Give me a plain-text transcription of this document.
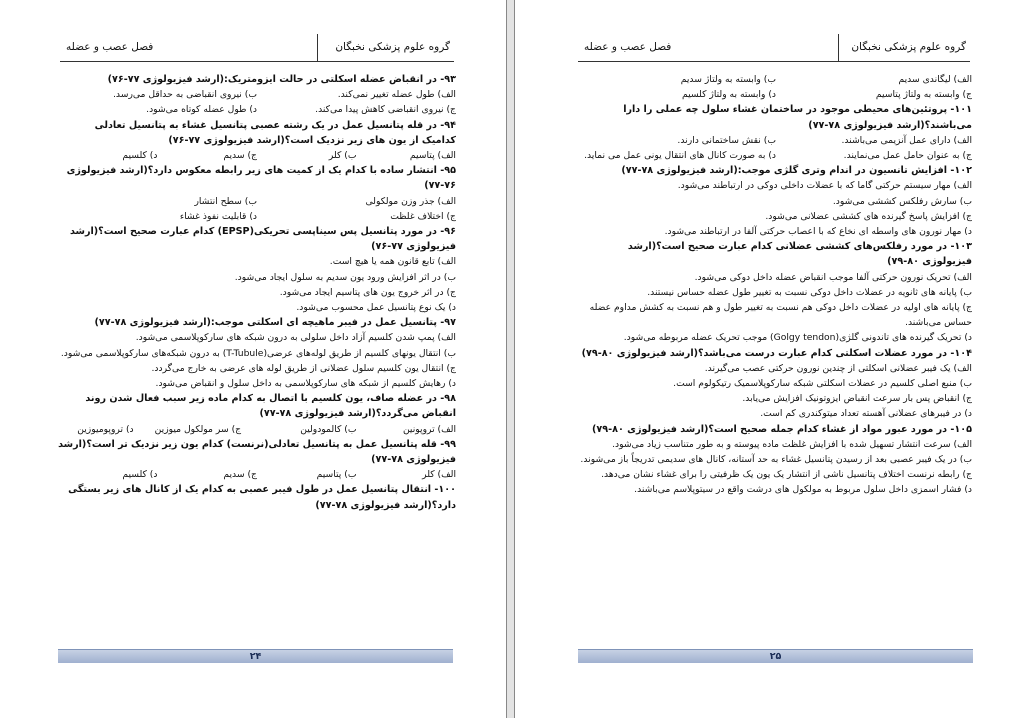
گروه علوم پزشکی نخبگان
فصل عصب و عضله
۹۳- در انقباض عضله اسکلتی در حالت ایزومتریک:(ارشد فیزیولوژی ۷۷-۷۶)
الف) طول عضله تغییر نمی‌کند.
ب) نیروی انقباضی به حداقل می‌رسد.
ج) نیروی انقباضی کاهش پیدا می‌کند.
د) طول عضله کوتاه می‌شود.
۹۴- در قله پتانسیل عمل در یک رشته عصبی پتانسیل غشاء به پتانسیل تعادلی کدامیک از یون های زیر نزدیک است؟(ارشد فیزیولوژی ۷۷-۷۶)
الف) پتاسیم
ب) کلر
ج) سدیم
د) کلسیم
۹۵- انتشار ساده با کدام یک از کمیت های زیر رابطه معکوس دارد؟(ارشد فیزیولوژی ۷۶-۷۷)
الف) جذر وزن مولکولی
ب) سطح انتشار
ج) اختلاف غلظت
د) قابلیت نفوذ غشاء
۹۶- در مورد پتانسیل پس سیناپسی تحریکی(EPSP) کدام عبارت صحیح است؟(ارشد فیزیولوژی ۷۷-۷۶)
الف) تابع قانون همه یا هیچ است.
ب) در اثر افزایش ورود یون سدیم به سلول ایجاد می‌شود.
ج) در اثر خروج یون های پتاسیم ایجاد می‌شود.
د) یک نوع پتانسیل عمل محسوب می‌شود.
۹۷- پتانسیل عمل در فیبر ماهیچه ای اسکلتی موجب:(ارشد فیزیولوژی ۷۸-۷۷)
الف) پمپ شدن کلسیم آزاد داخل سلولی به درون شبکه های سارکوپلاسمی می‌شود.
ب) انتقال یونهای کلسیم از طریق لوله‌های عرضی(T-Tubule) به درون شبکه‌های سارکوپلاسمی می‌شود.
ج) انتقال یون کلسیم سلول عضلانی از طریق لوله های عرضی به خارج می‌گردد.
د) رهایش کلسیم از شبکه های سارکوپلاسمی به داخل سلول و انقباض می‌شود.
۹۸- در عضله صاف، یون کلسیم با اتصال به کدام ماده زیر سبب فعال شدن روند انقباض می‌گردد؟(ارشد فیزیولوژی ۷۸-۷۷)
الف) تروپونین
ب) کالمودولین
ج) سر مولکول میوزین
د) تروپومیوزین
۹۹- قله پتانسیل عمل به پتانسیل تعادلی(نرنست) کدام یون زیر نزدیک تر است؟(ارشد فیزیولوژی ۷۸-۷۷)
الف) کلر
ب) پتاسیم
ج) سدیم
د) کلسیم
۱۰۰- انتقال پتانسیل عمل در طول فیبر عصبی به کدام یک از کانال های زیر بستگی دارد؟(ارشد فیزیولوژی ۷۸-۷۷)
۲۴
گروه علوم پزشکی نخبگان
فصل عصب و عضله
الف) لیگاندی سدیم
ب) وابسته به ولتاژ سدیم
ج) وابسته به ولتاژ پتاسیم
د) وابسته به ولتاژ کلسیم
۱۰۱- پروتئین‌های محیطی موجود در ساختمان غشاء سلول چه عملی را دارا می‌باشند؟(ارشد فیزیولوژی ۷۸-۷۷)
الف) دارای عمل آنزیمی می‌باشند.
ب) نقش ساختمانی دارند.
ج) به عنوان حامل عمل می‌نمایند.
د) به صورت کانال های انتقال یونی عمل می نماید.
۱۰۲- افزایش تانسیون در اندام وتری گلژی موجب:(ارشد فیزیولوژی ۷۸-۷۷)
الف) مهار سیستم حرکتی گاما که با عضلات داخلی دوکی در ارتباطند می‌شود.
ب) سارش رفلکس کششی می‌شود.
ج) افزایش پاسخ گیرنده های کششی عضلانی می‌شود.
د) مهار نورون های واسطه ای نخاع که با اعصاب حرکتی آلفا در ارتباطند می‌شود.
۱۰۳- در مورد رفلکس‌های کششی عضلانی کدام عبارت صحیح است؟(ارشد فیزیولوژی ۸۰-۷۹)
الف) تحریک نورون حرکتی آلفا موجب انقباض عضله داخل دوکی می‌شود.
ب) پایانه های ثانویه در عضلات داخل دوکی نسبت به تغییر طول عضله حساس نیستند.
ج) پایانه های اولیه در عضلات داخل دوکی هم نسبت به تغییر طول و هم نسبت به کشش مداوم عضله حساس می‌باشند.
د) تحریک گیرنده های تاندونی گلژی(Golgy tendon) موجب تحریک عضله مربوطه می‌شود.
۱۰۴- در مورد عضلات اسکلتی کدام عبارت درست می‌باشد؟(ارشد فیزیولوژی ۸۰-۷۹)
الف) یک فیبر عضلانی اسکلتی از چندین نورون حرکتی عصب می‌گیرند.
ب) منبع اصلی کلسیم در عضلات اسکلتی شبکه سارکوپلاسمیک رتیکولوم است.
ج) انقباض پس بار سرعت انقباض ایزوتونیک افزایش می‌یابد.
د) در فیبرهای عضلانی آهسته تعداد میتوکندری کم است.
۱۰۵- در مورد عبور مواد از غشاء کدام جمله صحیح است؟(ارشد فیزیولوژی ۸۰-۷۹)
الف) سرعت انتشار تسهیل شده با افزایش غلظت ماده پیوسته و به طور متناسب زیاد می‌شود.
ب) در یک فیبر عصبی بعد از رسیدن پتانسیل غشاء به حد آستانه، کانال های سدیمی تدریجاً باز می‌شوند.
ج) رابطه نرنست اختلاف پتانسیل ناشی از انتشار یک یون یک ظرفیتی را برای غشاء نشان می‌دهد.
د) فشار اسمزی داخل سلول مربوط به مولکول های درشت واقع در سیتوپلاسم می‌باشند.
۲۵
